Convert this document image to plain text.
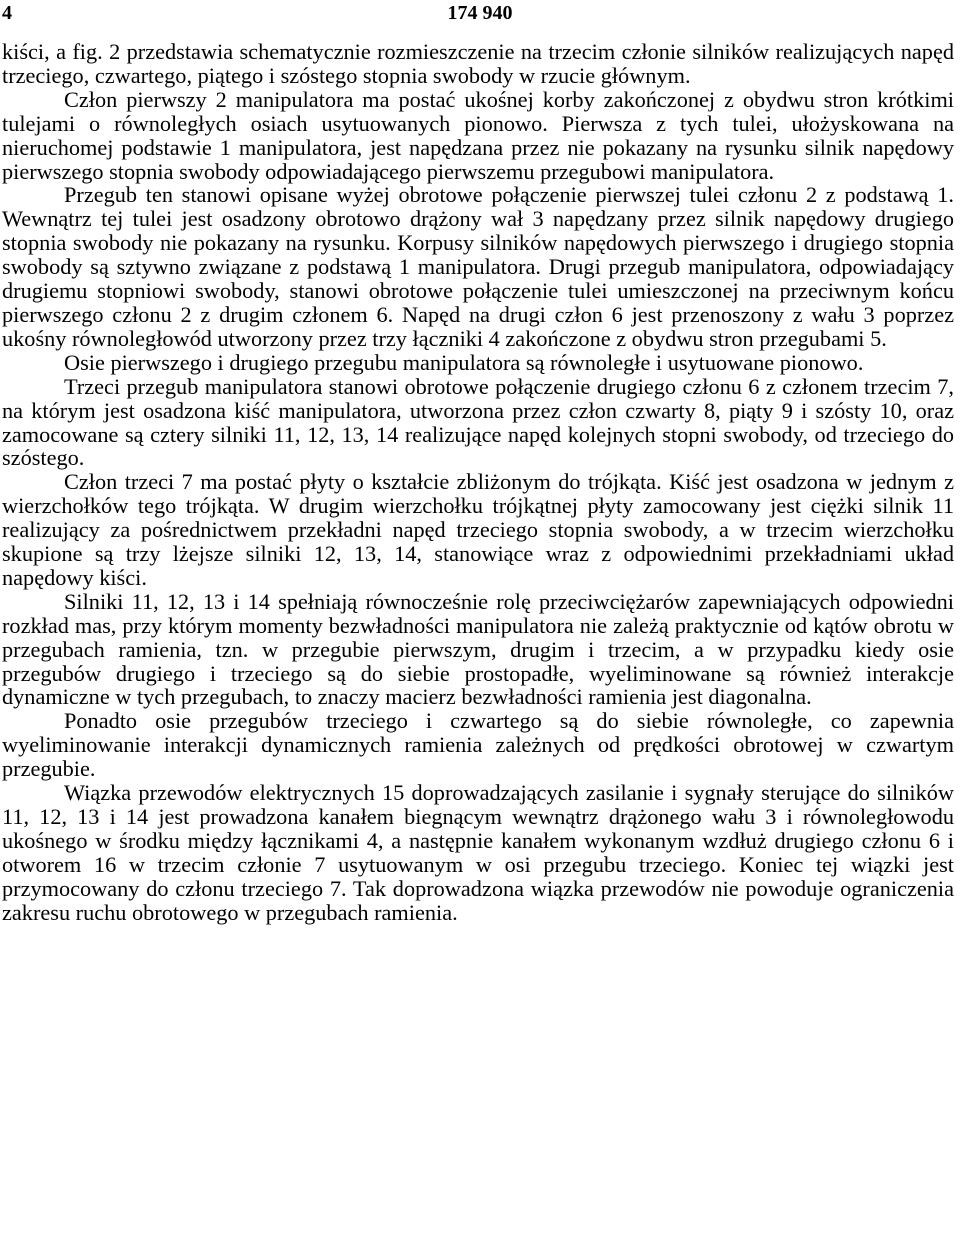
4	174 940

kiści, a fig. 2 przedstawia schematycznie rozmieszczenie na trzecim członie silników realizujących napęd trzeciego, czwartego, piątego i szóstego stopnia swobody w rzucie głównym.

Człon pierwszy 2 manipulatora ma postać ukośnej korby zakończonej z obydwu stron krótkimi tulejami o równoległych osiach usytuowanych pionowo. Pierwsza z tych tulei, ułożyskowana na nieruchomej podstawie 1 manipulatora, jest napędzana przez nie pokazany na rysunku silnik napędowy pierwszego stopnia swobody odpowiadającego pierwszemu przegubowi manipulatora.

Przegub ten stanowi opisane wyżej obrotowe połączenie pierwszej tulei członu 2 z podstawą 1. Wewnątrz tej tulei jest osadzony obrotowo drążony wał 3 napędzany przez silnik napędowy drugiego stopnia swobody nie pokazany na rysunku. Korpusy silników napędowych pierwszego i drugiego stopnia swobody są sztywno związane z podstawą 1 manipulatora. Drugi przegub manipulatora, odpowiadający drugiemu stopniowi swobody, stanowi obrotowe połączenie tulei umieszczonej na przeciwnym końcu pierwszego członu 2 z drugim członem 6. Napęd na drugi człon 6 jest przenoszony z wału 3 poprzez ukośny równoległowód utworzony przez trzy łączniki 4 zakończone z obydwu stron przegubami 5.

Osie pierwszego i drugiego przegubu manipulatora są równoległe i usytuowane pionowo.

Trzeci przegub manipulatora stanowi obrotowe połączenie drugiego członu 6 z członem trzecim 7, na którym jest osadzona kiść manipulatora, utworzona przez człon czwarty 8, piąty 9 i szósty 10, oraz zamocowane są cztery silniki 11, 12, 13, 14 realizujące napęd kolejnych stopni swobody, od trzeciego do szóstego.

Człon trzeci 7 ma postać płyty o kształcie zbliżonym do trójkąta. Kiść jest osadzona w jednym z wierzchołków tego trójkąta. W drugim wierzchołku trójkątnej płyty zamocowany jest ciężki silnik 11 realizujący za pośrednictwem przekładni napęd trzeciego stopnia swobody, a w trzecim wierzchołku skupione są trzy lżejsze silniki 12, 13, 14, stanowiące wraz z odpowiednimi przekładniami układ napędowy kiści.

Silniki 11, 12, 13 i 14 spełniają równocześnie rolę przeciwciężarów zapewniających odpowiedni rozkład mas, przy którym momenty bezwładności manipulatora nie zależą praktycznie od kątów obrotu w przegubach ramienia, tzn. w przegubie pierwszym, drugim i trzecim, a w przypadku kiedy osie przegubów drugiego i trzeciego są do siebie prostopadłe, wyeliminowane są również interakcje dynamiczne w tych przegubach, to znaczy macierz bezwładności ramienia jest diagonalna.

Ponadto osie przegubów trzeciego i czwartego są do siebie równoległe, co zapewnia wyeliminowanie interakcji dynamicznych ramienia zależnych od prędkości obrotowej w czwartym przegubie.

Wiązka przewodów elektrycznych 15 doprowadzających zasilanie i sygnały sterujące do silników 11, 12, 13 i 14 jest prowadzona kanałem biegnącym wewnątrz drążonego wału 3 i równoległowodu ukośnego w środku między łącznikami 4, a następnie kanałem wykonanym wzdłuż drugiego członu 6 i otworem 16 w trzecim członie 7 usytuowanym w osi przegubu trzeciego. Koniec tej wiązki jest przymocowany do członu trzeciego 7. Tak doprowadzona wiązka przewodów nie powoduje ograniczenia zakresu ruchu obrotowego w przegubach ramienia.
